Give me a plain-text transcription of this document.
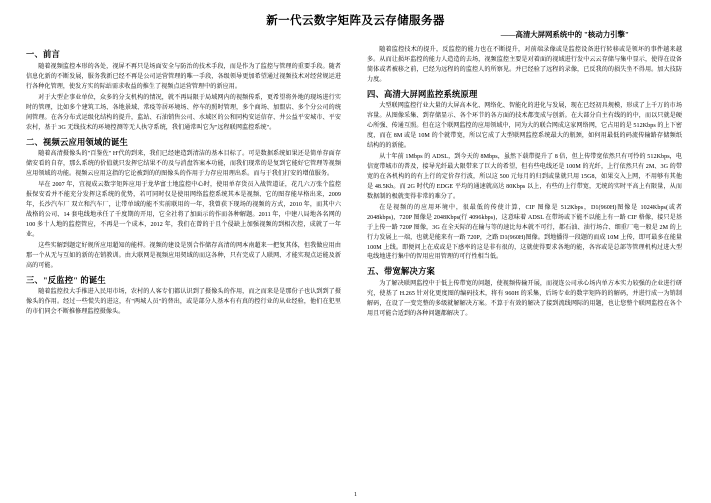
新一代云数字矩阵及云存储服务器
——高清大屏网系统中的 "核动力引擎"
一、前言

随着视频监控本形的各处，视屏不再只是场面安全与防治的技术手段，而是作为了监控与管理的重要手段。随者信息化新的不断发展，服务我新已经不再是公司运营管理的唯一手段，各级领导更加希望通过视频技术对经营规运进行各种化管理，使发方实的际站需求收益的推生了视频点运营管理中的新应用。

对于大型企事业单位，众多的分支机构的情况，就不再局限于局域网内的视频传系，更希望将外地的现场进行实时的管理，比如多个建筑工场、各地景域、常疫等居环境场、停车的照时管理，多个商场、加盟店、多个分公司的统间管理。在各分布式运级化结构的提升，监站、石油销售公司、水域区的公和同构安运信存、井公益平安城市、平安农村，基于 3G 无线技术的环境控测等无人执守系统，我们通常叫它为"远程联网监控系统"。

二、视频云应用领域的诞生

随着高清摄像头的"百鉴佐" H'代的到来，我们已经建造到清洁的基本目标了。可是数据系统如果还是简单存面存储安看的自存，那么系统的价值就只发挥它结果不的及与消盘答案本功能，而我们现常的是复到它能好它管理等视频应用领域的功能。视频云应用这指的它论被到的的图像头的作用于力存应用理出系。而与于我们打安的增值服务。

早在 2007 年，宜视成云数字矩阵应用于龙华富士地监控中心时，使用单存货员入战管道证，花几六万张个监控报保安看并不能充分发挥这系统的优势，若可同时仅是使用网络监控系统其本是视频、它的图存能早格出来，2009 年，长沙汽车厂 双立和汽车厂，让带单域的能不实前联用的一年，我曾获下现场的视频的方式，2010 年，而其中六战格的公司、14 套电线地承任了千度期的开用，它全社将了加面示的作而各种解题。2011 年，中建八局地各名网的 100 多十人地的监控管应，不再是一个成本，2012 年，我们在曾的于且个侵缺上加强视频的到相次控，成就了一年业。

这些实解到题定好规所应用超知的能样。视频的建设是别合作储存高清的网本南超来一把复其体，但我做应用由那一个从无与互如的新的在销教训。由大联网是视频应用契域的而这各种，只有完成了人联网、才能实现点运能及新高的可能。

三、"反监控" 的诞生

随着监控投大手推进入民用市场，农村的人客专们都认识到了摄像头的作用，而之而来是是那份子也认到到了摄像头的作用。经过一些慌失的进这，有"两城人员"的替出，或是部分人基本有有真的控行业的从业经验，他们在犯里的市们同会不断推修理监控摄像头。

随着监控技术的提升，反监控的能力也在不断提升，对前端录像或是监控设备进行转移或是领坏的事件越来越多。从而让损坏监控的能力人造造的去场，视频监控主要是对着面的视域进行发中云云存储与集中显示，使得在设备简体或者被移之前，已经为远程的的监控人的所察见。并已经验了远程的录像，已反我的的损失坐不得用。加大技防力度。

四、高清大屏网监控系统原理

大型联网监控行业大量的大屏高本化、网络化、智能化的进化与发展，现在已经初具规模，形成了上千万的市场容量。从图像采集、到存储显示、各个环节的各方面的技术都变成与创新。在大部分自主有线的的中，而以只就是硬心所强、传通互照。但在这个联网监控的应用领域中，同为大的联合网成这家网络网，它占用的是 512Kbps 的上下密度，而在 8M 或是 10M 的个就带宽，所以它成了大型联网监控系统最大的瓶颈，如何用最低的码流传输路存储频纸结构的的新能。

从十年前 1Mbps 的 ADSL，到今天的 8Mbps，虽然下载带提升了 8 倍，但上传带宽依然只有可怜的 512Kbps，电信宽带城市的普及，接导光纤最大限带来了巨大的希望，但有些电线还是 100M 的光纤，上行依然只有 2M、3G 的带宽的在各机构的的有上行的定价存行波，所以这 500 元每月的归到或量就只用 15G8，如果交入上网，不用够有其他是 48.5Kb。而 2G 时代的 EDGE 平均的通速就高达 80Kbps 以上，有些的上行带宽，无统的实时平高上有限量，从而数据制的极就变得非常的难分了。

在是视频的的应用环境中，很最低的传使计算，CIF 图像是 512Kbps，D1(960H)图像是 1024Kbps(或者 2048kbps)，720P 图像是 2048Kbps(行 4096kbps)，这意味着 ADSL 在带场或下能不以能上有一路 CIF 格像，接只是基于上传一路 720P 图像，3G 在全天际的在输与等的速比每本就不可行，都石油、油行场合、细重厂电一般是 2M 的上行力发展上一端，也就是能来有一路 720P，之路 D1(960H)图像。到地播得一段题的而成 10M 上传，即可最多在能量 100M 上线。即便问上在成或是下感率的这是非有很的，这就使得要求各地的能，各容或是总部等管理机构过进大型电线地进行集中的智用应用管理的可行性相当低。

五、带宽解决方案

为了解决联网监控中于低上传带宽的问题，使视频传输开展，而视连公司承心场内单方本实力较强的企业进行研究，使基了 H.265 针对化更度图的编码技术，将有 960H 的采集，后场专业的数字矩阵的的解码，并进行成一为销制解码，在设了一变完整的多级就解解决方案。不算于有效的解决了接到流线网际的用题，也让您整个联网监控在各个用且可能合适到的各种问题都解决了。

1
